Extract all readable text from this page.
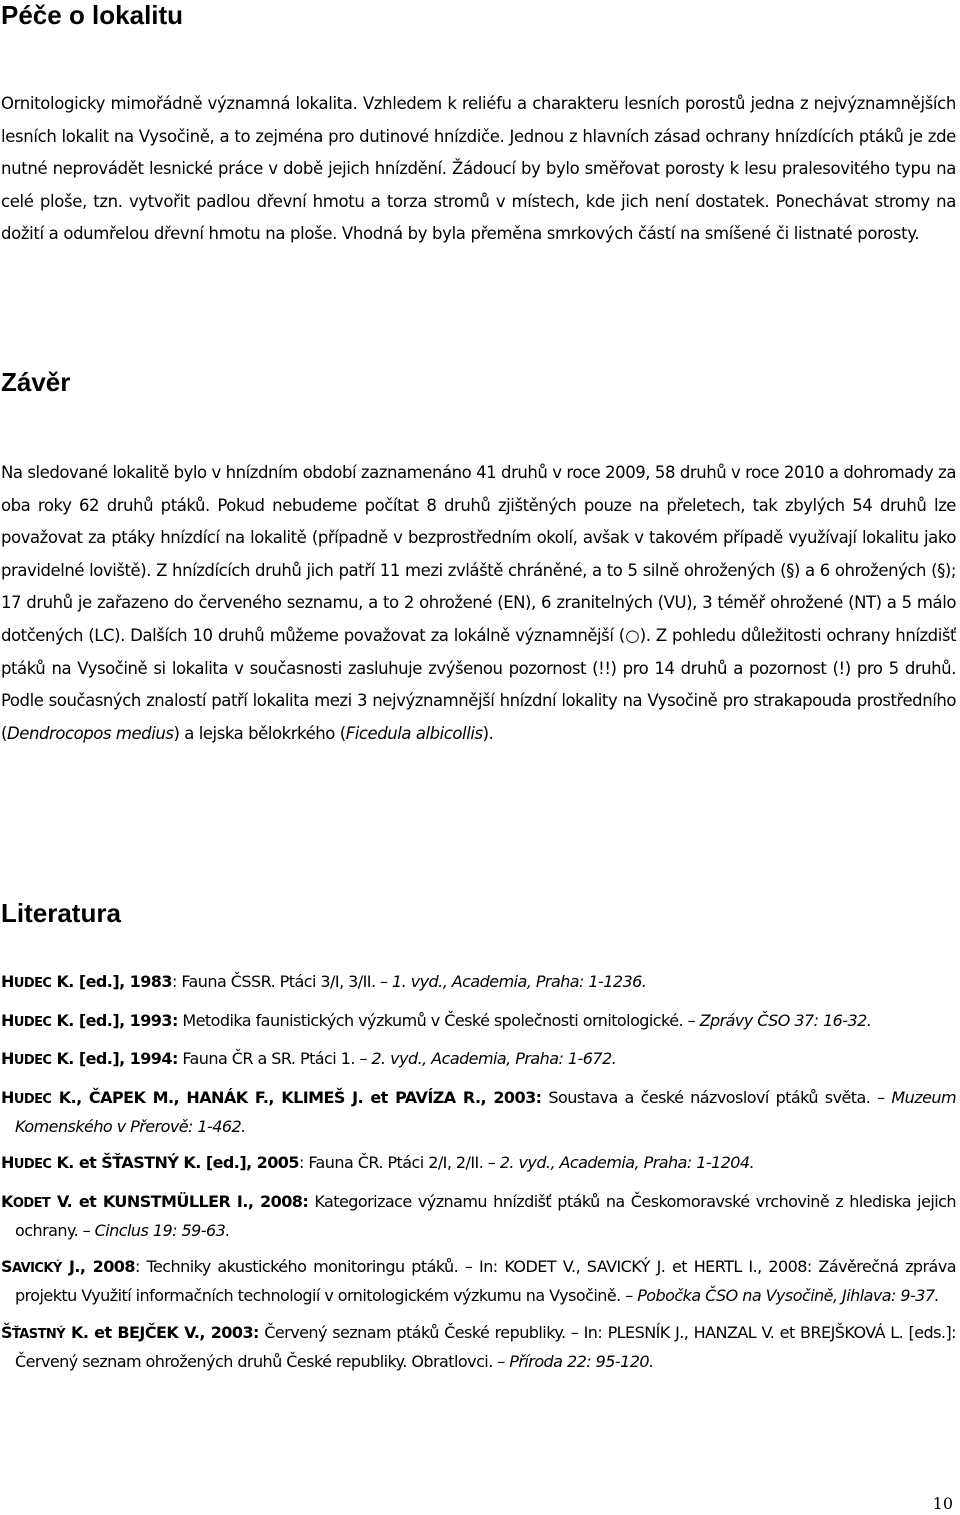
Péče o lokalitu

Ornitologicky mimořádně významná lokalita. Vzhledem k reliéfu a charakteru lesních porostů jedna z nejvýznamnějších lesních lokalit na Vysočině, a to zejména pro dutinové hnízdiče. Jednou z hlavních zásad ochrany hnízdících ptáků je zde nutné neprovádět lesnické práce v době jejich hnízdění. Žádoucí by bylo směřovat porosty k lesu pralesovitého typu na celé ploše, tzn. vytvořit padlou dřevní hmotu a torza stromů v místech, kde jich není dostatek. Ponechávat stromy na dožití a odumřelou dřevní hmotu na ploše. Vhodná by byla přeměna smrkových částí na smíšené či listnaté porosty.

Závěr

Na sledované lokalitě bylo v hnízdním období zaznamenáno 41 druhů v roce 2009, 58 druhů v roce 2010 a dohromady za oba roky 62 druhů ptáků. Pokud nebudeme počítat 8 druhů zjištěných pouze na přeletech, tak zbylých 54 druhů lze považovat za ptáky hnízdící na lokalitě (případně v bezprostředním okolí, avšak v takovém případě využívají lokalitu jako pravidelné loviště). Z hnízdících druhů jich patří 11 mezi zvláště chráněné, a to 5 silně ohrožených (§) a 6 ohrožených (§); 17 druhů je zařazeno do červeného seznamu, a to 2 ohrožené (EN), 6 zranitelných (VU), 3 téměř ohrožené (NT) a 5 málo dotčených (LC). Dalších 10 druhů můžeme považovat za lokálně významnější (○). Z pohledu důležitosti ochrany hnízdišť ptáků na Vysočině si lokalita v současnosti zasluhuje zvýšenou pozornost (!!) pro 14 druhů a pozornost (!) pro 5 druhů. Podle současných znalostí patří lokalita mezi 3 nejvýznamnější hnízdní lokality na Vysočině pro strakapouda prostředního (Dendrocopos medius) a lejska bělokrkého (Ficedula albicollis).

Literatura

HUDEC K. [ed.], 1983: Fauna ČSSR. Ptáci 3/I, 3/II. – 1. vyd., Academia, Praha: 1-1236.

HUDEC K. [ed.], 1993: Metodika faunistických výzkumů v České společnosti ornitologické. – Zprávy ČSO 37: 16-32.

HUDEC K. [ed.], 1994: Fauna ČR a SR. Ptáci 1. – 2. vyd., Academia, Praha: 1-672.

HUDEC K., ČAPEK M., HANÁK F., KLIMEŠ J. et PAVÍZA R., 2003: Soustava a české názvosloví ptáků světa. – Muzeum Komenského v Přerově: 1-462.

HUDEC K. et ŠŤASTNÝ K. [ed.], 2005: Fauna ČR. Ptáci 2/I, 2/II. – 2. vyd., Academia, Praha: 1-1204.

KODET V. et KUNSTMÜLLER I., 2008: Kategorizace významu hnízdišť ptáků na Českomoravské vrchovině z hlediska jejich ochrany. – Cinclus 19: 59-63.

SAVICKÝ J., 2008: Techniky akustického monitoringu ptáků. – In: KODET V., SAVICKÝ J. et HERTL I., 2008: Závěrečná zpráva projektu Využití informačních technologií v ornitologickém výzkumu na Vysočině. – Pobočka ČSO na Vysočině, Jihlava: 9-37.

ŠŤASTNÝ K. et BEJČEK V., 2003: Červený seznam ptáků České republiky. – In: PLESNÍK J., HANZAL V. et BREJŠKOVÁ L. [eds.]: Červený seznam ohrožených druhů České republiky. Obratlovci. – Příroda 22: 95-120.

10
